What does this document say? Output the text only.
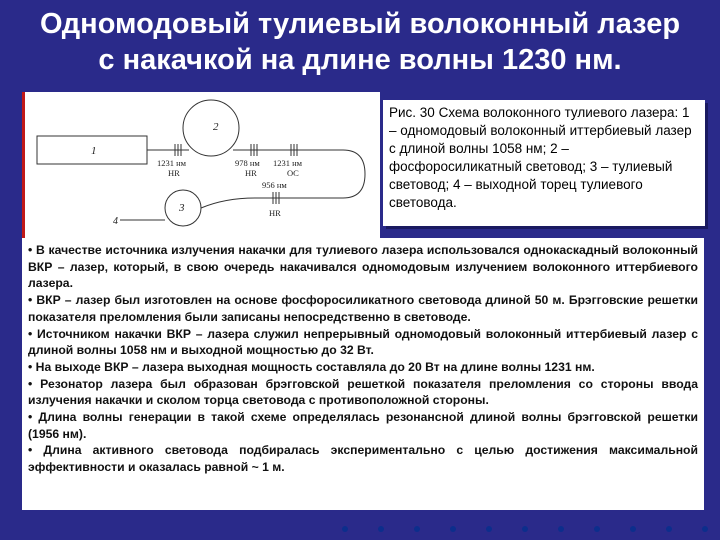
Одномодовый тулиевый волоконный лазер
с накачкой на длине волны 1230 нм.
1
2
3
4
1231 нм
HR
978 нм
HR
1231 нм
OC
956 нм
HR
Рис. 30 Схема волоконного тулиевого лазера: 1 – одномодовый волоконный иттербиевый лазер с длиной волны 1058 нм; 2 – фосфоросиликатный световод; 3 – тулиевый световод; 4 – выходной торец тулиевого световода.

• В качестве источника излучения накачки для тулиевого лазера использовался однокаскадный волоконный ВКР – лазер, который, в свою очередь накачивался одномодовым излучением волоконного иттербиевого лазера.

• ВКР – лазер был изготовлен на основе фосфоросиликатного световода длиной 50 м. Брэгговские решетки показателя преломления были записаны непосредственно в световоде.

• Источником накачки ВКР – лазера служил непрерывный одномодовый волоконный иттербиевый лазер с длиной волны 1058 нм и выходной мощностью до 32 Вт.

• На выходе ВКР – лазера выходная мощность составляла до 20 Вт на длине волны 1231 нм.

• Резонатор лазера был образован брэгговской решеткой показателя преломления со стороны ввода излучения накачки и сколом торца световода с противоположной стороны.

• Длина волны генерации в такой схеме определялась резонансной длиной волны брэгговской решетки (1956 нм).

• Длина активного световода подбиралась экспериментально с целью достижения максимальной эффективности и оказалась равной ~ 1 м.
